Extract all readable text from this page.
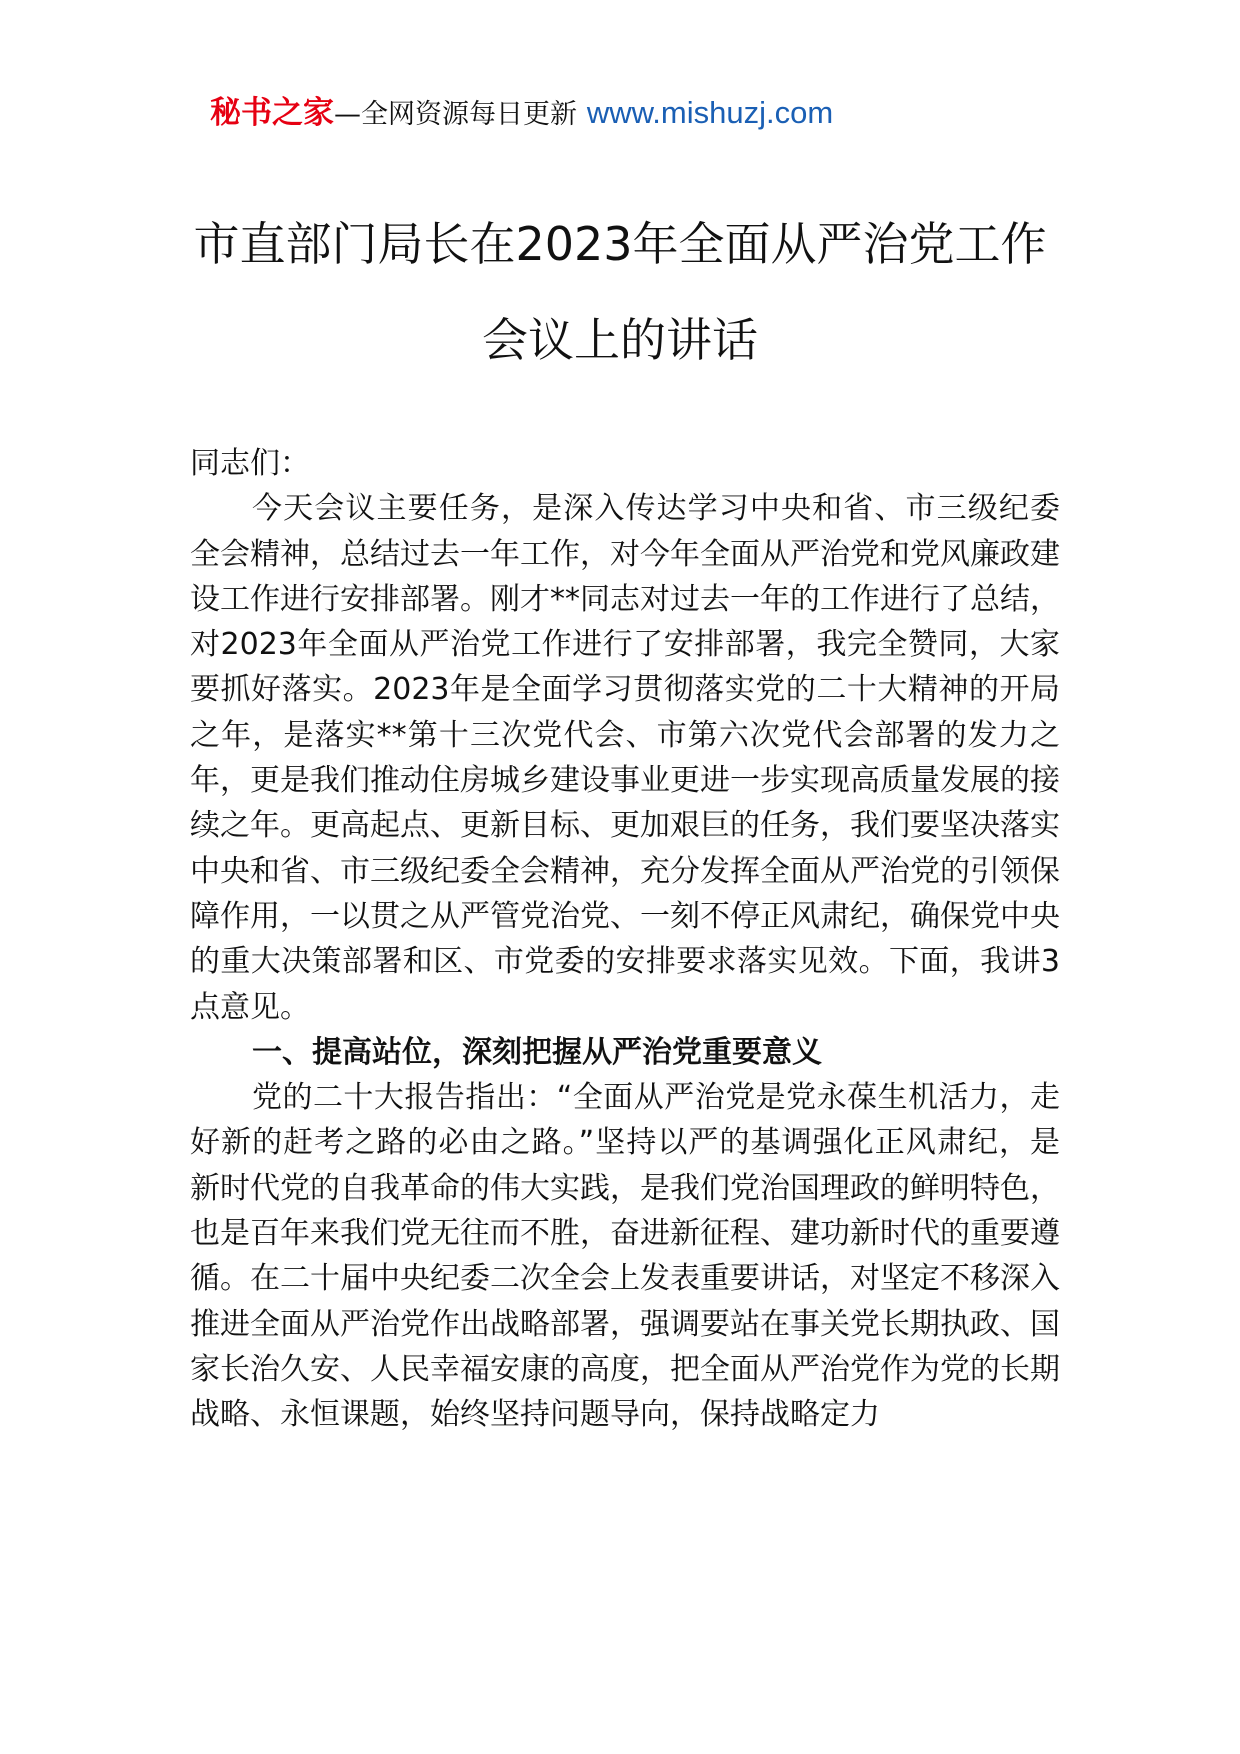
秘书之家—全网资源每日更新 www.mishuzj.com
市直部门局长在2023年全面从严治党工作
会议上的讲话

同志们：

今天会议主要任务，是深入传达学习中央和省、市三级纪委全会精神，总结过去一年工作，对今年全面从严治党和党风廉政建设工作进行安排部署。刚才**同志对过去一年的工作进行了总结，对2023年全面从严治党工作进行了安排部署，我完全赞同，大家要抓好落实。2023年是全面学习贯彻落实党的二十大精神的开局之年，是落实**第十三次党代会、市第六次党代会部署的发力之年，更是我们推动住房城乡建设事业更进一步实现高质量发展的接续之年。更高起点、更新目标、更加艰巨的任务，我们要坚决落实中央和省、市三级纪委全会精神，充分发挥全面从严治党的引领保障作用，一以贯之从严管党治党、一刻不停正风肃纪，确保党中央的重大决策部署和区、市党委的安排要求落实见效。下面，我讲3点意见。

一、提高站位，深刻把握从严治党重要意义

党的二十大报告指出：“全面从严治党是党永葆生机活力，走好新的赶考之路的必由之路。”坚持以严的基调强化正风肃纪，是新时代党的自我革命的伟大实践，是我们党治国理政的鲜明特色，也是百年来我们党无往而不胜，奋进新征程、建功新时代的重要遵循。在二十届中央纪委二次全会上发表重要讲话，对坚定不移深入推进全面从严治党作出战略部署，强调要站在事关党长期执政、国家长治久安、人民幸福安康的高度，把全面从严治党作为党的长期战略、永恒课题，始终坚持问题导向，保持战略定力
